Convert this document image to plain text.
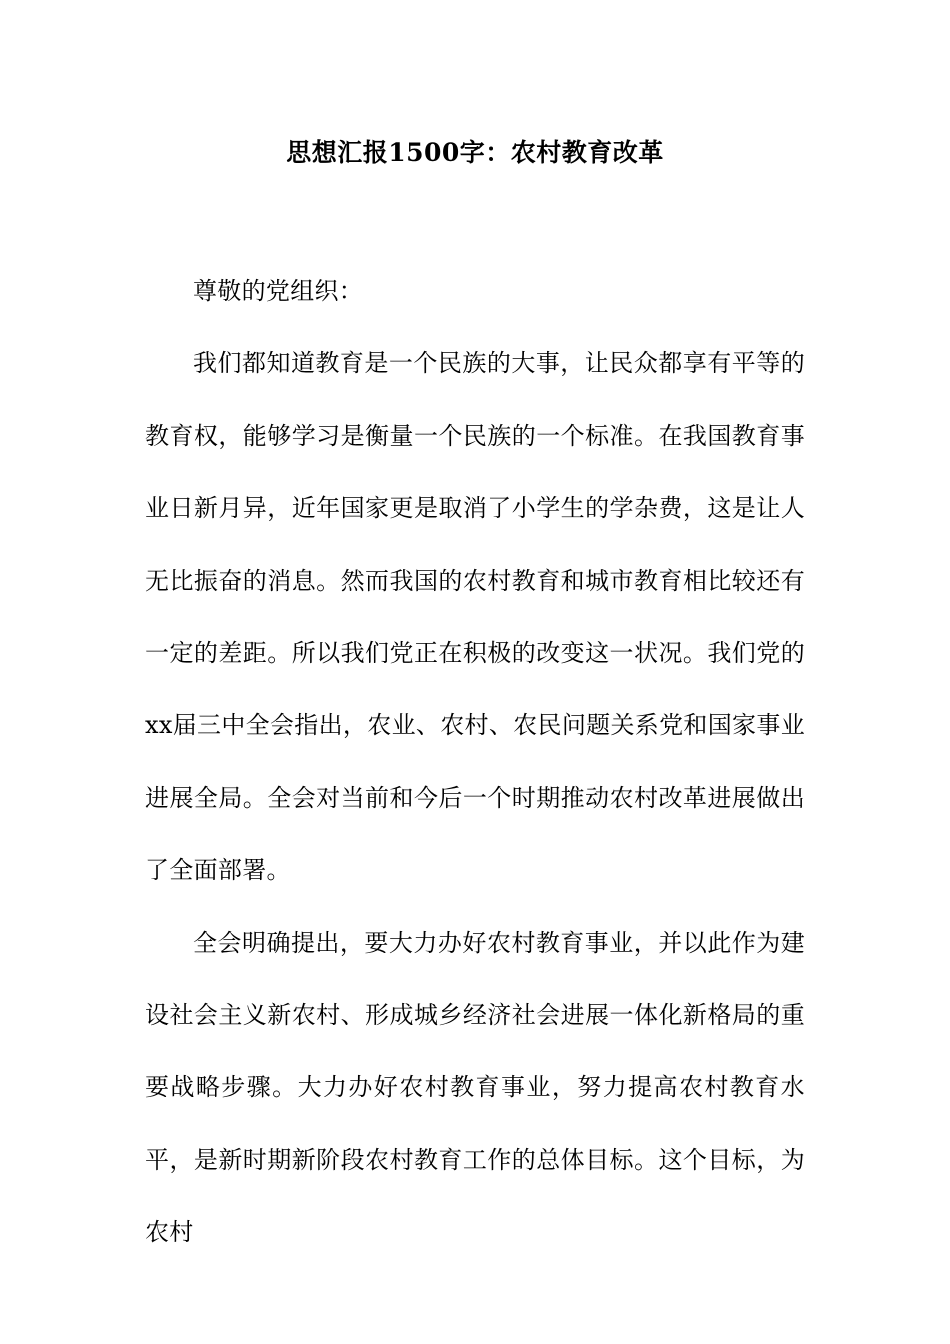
思想汇报1500字：农村教育改革

尊敬的党组织：

我们都知道教育是一个民族的大事，让民众都享有平等的教育权，能够学习是衡量一个民族的一个标准。在我国教育事业日新月异，近年国家更是取消了小学生的学杂费，这是让人无比振奋的消息。然而我国的农村教育和城市教育相比较还有一定的差距。所以我们党正在积极的改变这一状况。我们党的xx届三中全会指出，农业、农村、农民问题关系党和国家事业进展全局。全会对当前和今后一个时期推动农村改革进展做出了全面部署。

全会明确提出，要大力办好农村教育事业，并以此作为建设社会主义新农村、形成城乡经济社会进展一体化新格局的重要战略步骤。大力办好农村教育事业，努力提高农村教育水平，是新时期新阶段农村教育工作的总体目标。这个目标，为农村
